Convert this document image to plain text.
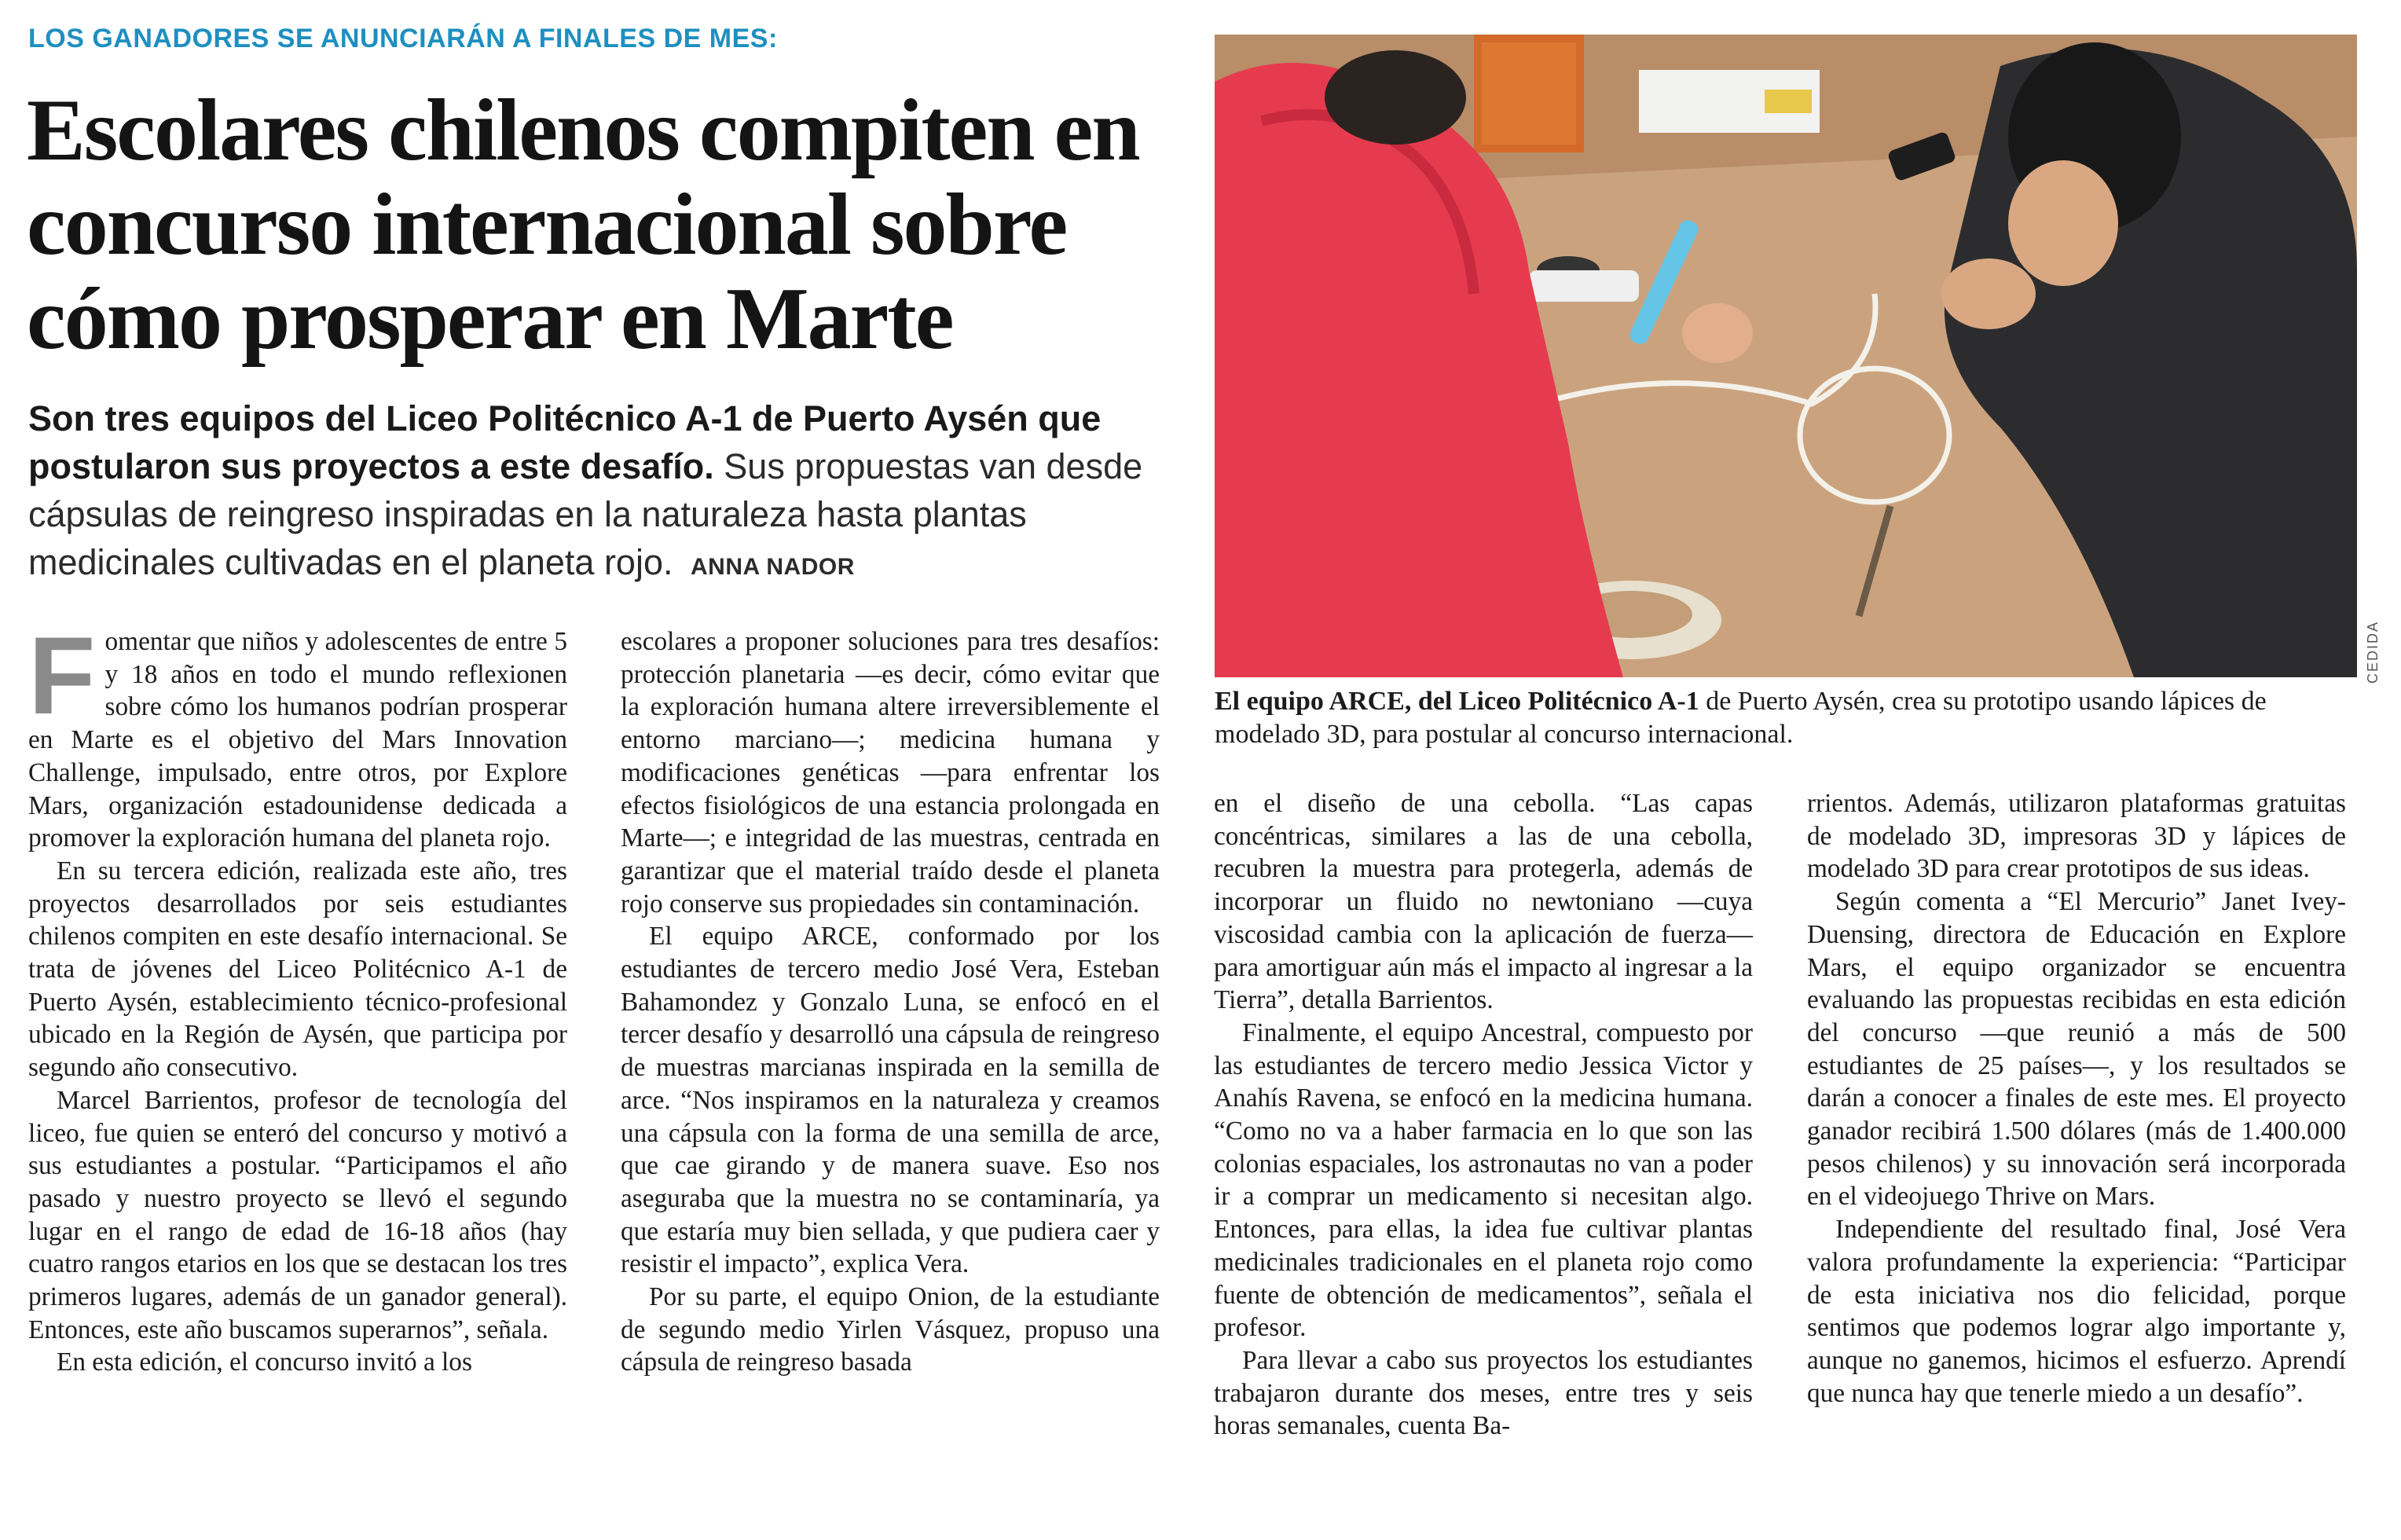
LOS GANADORES SE ANUNCIARÁN A FINALES DE MES:
Escolares chilenos compiten en
concurso internacional sobre
cómo prosperar en Marte
Son tres equipos del Liceo Politécnico A-1 de Puerto Aysén que postularon sus proyectos a este desafío. Sus propuestas van desde cápsulas de reingreso inspiradas en la naturaleza hasta plantas medicinales cultivadas en el planeta rojo. ANNA NADOR
CEDIDA
El equipo ARCE, del Liceo Politécnico A-1 de Puerto Aysén, crea su prototipo usando lápices de modelado 3D, para postular al concurso internacional.

Fomentar que niños y adolescentes de entre 5 y 18 años en todo el mundo reflexionen sobre cómo los humanos podrían prosperar en Marte es el objetivo del Mars Innovation Challenge, impulsado, entre otros, por Explore Mars, organización estadounidense dedicada a promover la exploración humana del planeta rojo.

En su tercera edición, realizada este año, tres proyectos desarrollados por seis estudiantes chilenos compiten en este desafío internacional. Se trata de jóvenes del Liceo Politécnico A-1 de Puerto Aysén, establecimiento técnico-profesional ubicado en la Región de Aysén, que participa por segundo año consecutivo.

Marcel Barrientos, profesor de tecnología del liceo, fue quien se enteró del concurso y motivó a sus estudiantes a postular. “Participamos el año pasado y nuestro proyecto se llevó el segundo lugar en el rango de edad de 16-18 años (hay cuatro rangos etarios en los que se destacan los tres primeros lugares, además de un ganador general). Entonces, este año buscamos superarnos”, señala.

En esta edición, el concurso invitó a los

escolares a proponer soluciones para tres desafíos: protección planetaria —es decir, cómo evitar que la exploración humana altere irreversiblemente el entorno marciano—; medicina humana y modificaciones genéticas —para enfrentar los efectos fisiológicos de una estancia prolongada en Marte—; e integridad de las muestras, centrada en garantizar que el material traído desde el planeta rojo conserve sus propiedades sin contaminación.

El equipo ARCE, conformado por los estudiantes de tercero medio José Vera, Esteban Bahamondez y Gonzalo Luna, se enfocó en el tercer desafío y desarrolló una cápsula de reingreso de muestras marcianas inspirada en la semilla de arce. “Nos inspiramos en la naturaleza y creamos una cápsula con la forma de una semilla de arce, que cae girando y de manera suave. Eso nos aseguraba que la muestra no se contaminaría, ya que estaría muy bien sellada, y que pudiera caer y resistir el impacto”, explica Vera.

Por su parte, el equipo Onion, de la estudiante de segundo medio Yirlen Vásquez, propuso una cápsula de reingreso basada

en el diseño de una cebolla. “Las capas concéntricas, similares a las de una cebolla, recubren la muestra para protegerla, además de incorporar un fluido no newtoniano —cuya viscosidad cambia con la aplicación de fuerza— para amortiguar aún más el impacto al ingresar a la Tierra”, detalla Barrientos.

Finalmente, el equipo Ancestral, compuesto por las estudiantes de tercero medio Jessica Victor y Anahís Ravena, se enfocó en la medicina humana. “Como no va a haber farmacia en lo que son las colonias espaciales, los astronautas no van a poder ir a comprar un medicamento si necesitan algo. Entonces, para ellas, la idea fue cultivar plantas medicinales tradicionales en el planeta rojo como fuente de obtención de medicamentos”, señala el profesor.

Para llevar a cabo sus proyectos los estudiantes trabajaron durante dos meses, entre tres y seis horas semanales, cuenta Ba-

rrientos. Además, utilizaron plataformas gratuitas de modelado 3D, impresoras 3D y lápices de modelado 3D para crear prototipos de sus ideas.

Según comenta a “El Mercurio” Janet Ivey-Duensing, directora de Educación en Explore Mars, el equipo organizador se encuentra evaluando las propuestas recibidas en esta edición del concurso —que reunió a más de 500 estudiantes de 25 países—, y los resultados se darán a conocer a finales de este mes. El proyecto ganador recibirá 1.500 dólares (más de 1.400.000 pesos chilenos) y su innovación será incorporada en el videojuego Thrive on Mars.

Independiente del resultado final, José Vera valora profundamente la experiencia: “Participar de esta iniciativa nos dio felicidad, porque sentimos que podemos lograr algo importante y, aunque no ganemos, hicimos el esfuerzo. Aprendí que nunca hay que tenerle miedo a un desafío”.
